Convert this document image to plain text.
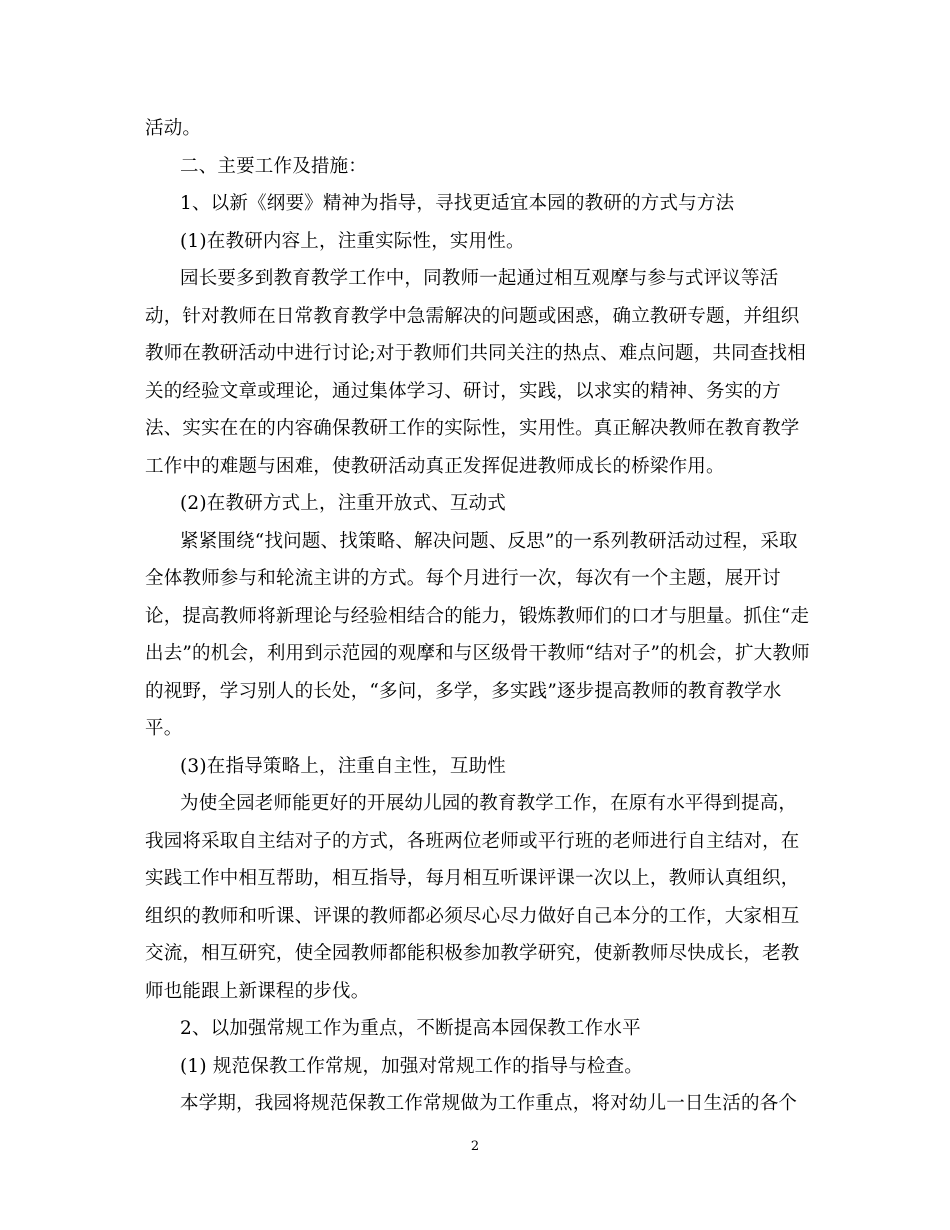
活动。
二、主要工作及措施：
1、以新《纲要》精神为指导，寻找更适宜本园的教研的方式与方法
(1)在教研内容上，注重实际性，实用性。
园长要多到教育教学工作中，同教师一起通过相互观摩与参与式评议等活
动，针对教师在日常教育教学中急需解决的问题或困惑，确立教研专题，并组织
教师在教研活动中进行讨论;对于教师们共同关注的热点、难点问题，共同查找相
关的经验文章或理论，通过集体学习、研讨，实践，以求实的精神、务实的方
法、实实在在的内容确保教研工作的实际性，实用性。真正解决教师在教育教学
工作中的难题与困难，使教研活动真正发挥促进教师成长的桥梁作用。
(2)在教研方式上，注重开放式、互动式
紧紧围绕“找问题、找策略、解决问题、反思”的一系列教研活动过程，采取
全体教师参与和轮流主讲的方式。每个月进行一次，每次有一个主题，展开讨
论，提高教师将新理论与经验相结合的能力，锻炼教师们的口才与胆量。抓住“走
出去”的机会，利用到示范园的观摩和与区级骨干教师“结对子”的机会，扩大教师
的视野，学习别人的长处，“多问，多学，多实践”逐步提高教师的教育教学水
平。
(3)在指导策略上，注重自主性，互助性
为使全园老师能更好的开展幼儿园的教育教学工作，在原有水平得到提高，
我园将采取自主结对子的方式，各班两位老师或平行班的老师进行自主结对，在
实践工作中相互帮助，相互指导，每月相互听课评课一次以上，教师认真组织，
组织的教师和听课、评课的教师都必须尽心尽力做好自己本分的工作，大家相互
交流，相互研究，使全园教师都能积极参加教学研究，使新教师尽快成长，老教
师也能跟上新课程的步伐。
2、以加强常规工作为重点，不断提高本园保教工作水平
(1) 规范保教工作常规，加强对常规工作的指导与检查。
本学期，我园将规范保教工作常规做为工作重点，将对幼儿一日生活的各个
2
